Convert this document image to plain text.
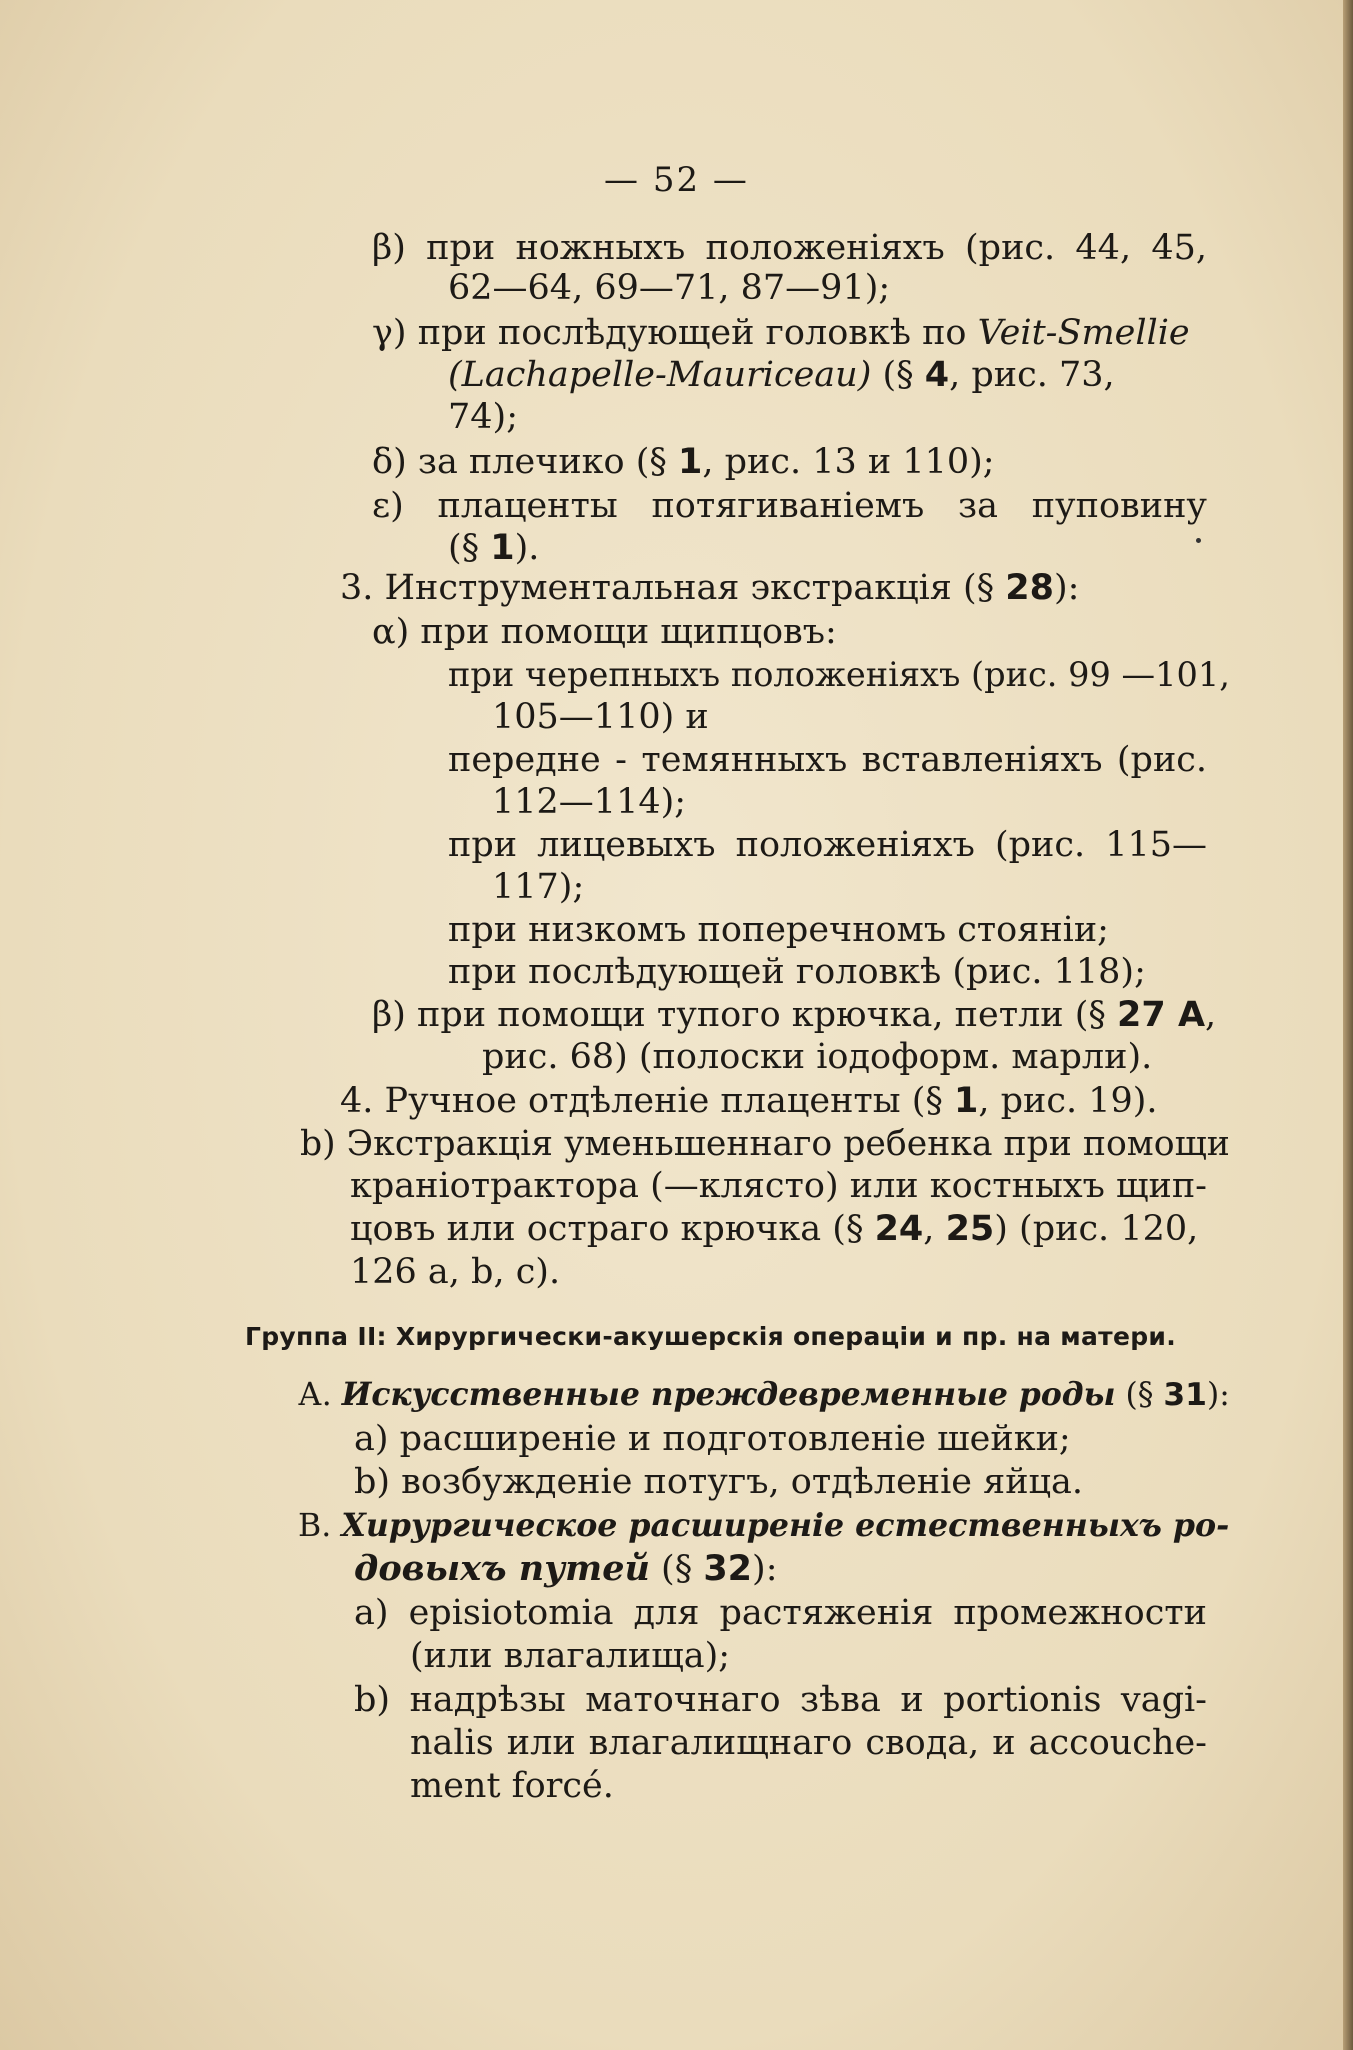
— 52 —
β) при ножныхъ положеніяхъ (рис. 44, 45,
62—64, 69—71, 87—91);
γ) при послѣдующей головкѣ по Veit-Smellie
(Lachapelle-Mauriceau) (§ 4, рис. 73,
74);
δ) за плечико (§ 1, рис. 13 и 110);
ε) плаценты потягиваніемъ за пуповину
(§ 1).
3. Инструментальная экстракція (§ 28):
α) при помощи щипцовъ:
при черепныхъ положеніяхъ (рис. 99 —101,
105—110) и
передне - темянныхъ вставленіяхъ (рис.
112—114);
при лицевыхъ положеніяхъ (рис. 115—
117);
при низкомъ поперечномъ стояніи;
при послѣдующей головкѣ (рис. 118);
β) при помощи тупого крючка, петли (§ 27 А,
рис. 68) (полоски іодоформ. марли).
4. Ручное отдѣленіе плаценты (§ 1, рис. 19).
b) Экстракція уменьшеннаго ребенка при помощи
краніотрактора (—клясто) или костныхъ щип-
цовъ или остраго крючка (§ 24, 25) (рис. 120,
126 а, b, с).
Группа II: Хирургически-акушерскія операціи и пр. на матери.
А. Искусственные преждевременные роды (§ 31):
а) расширеніе и подготовленіе шейки;
b) возбужденіе потугъ, отдѣленіе яйца.
В. Хирургическое расширеніе естественныхъ ро-
довыхъ путей (§ 32):
а) episiotomia для растяженія промежности
(или влагалища);
b) надрѣзы маточнаго зѣва и portionis vagi-
nalis или влагалищнаго свода, и accouche-
ment forcé.
